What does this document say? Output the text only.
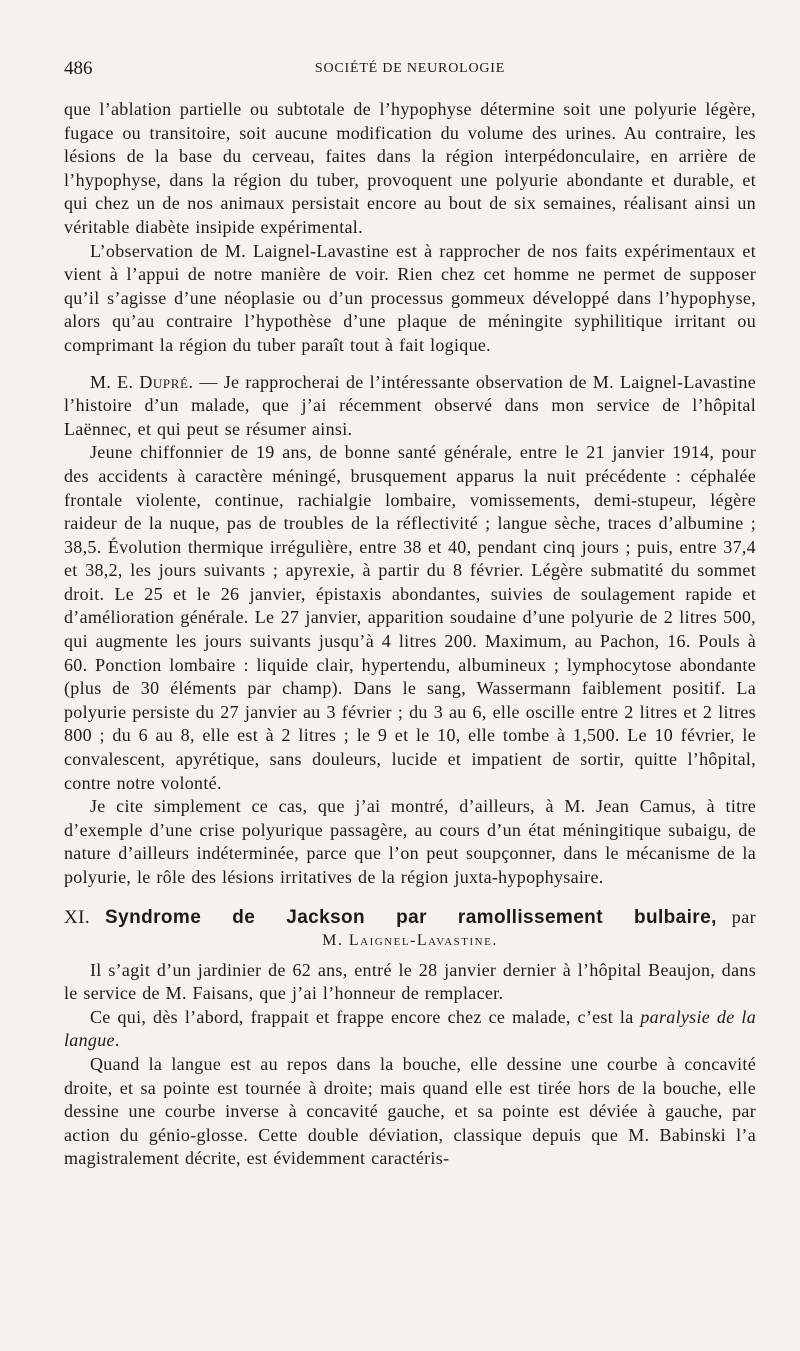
486	SOCIÉTÉ DE NEUROLOGIE

que l’ablation partielle ou subtotale de l’hypophyse détermine soit une polyurie légère, fugace ou transitoire, soit aucune modification du volume des urines. Au contraire, les lésions de la base du cerveau, faites dans la région interpédonculaire, en arrière de l’hypophyse, dans la région du tuber, provoquent une polyurie abondante et durable, et qui chez un de nos animaux persistait encore au bout de six semaines, réalisant ainsi un véritable diabète insipide expérimental.

L’observation de M. Laignel-Lavastine est à rapprocher de nos faits expérimentaux et vient à l’appui de notre manière de voir. Rien chez cet homme ne permet de supposer qu’il s’agisse d’une néoplasie ou d’un processus gommeux développé dans l’hypophyse, alors qu’au contraire l’hypothèse d’une plaque de méningite syphilitique irritant ou comprimant la région du tuber paraît tout à fait logique.

M. E. Dupré. — Je rapprocherai de l’intéressante observation de M. Laignel-Lavastine l’histoire d’un malade, que j’ai récemment observé dans mon service de l’hôpital Laënnec, et qui peut se résumer ainsi.

Jeune chiffonnier de 19 ans, de bonne santé générale, entre le 21 janvier 1914, pour des accidents à caractère méningé, brusquement apparus la nuit précédente : céphalée frontale violente, continue, rachialgie lombaire, vomissements, demi-stupeur, légère raideur de la nuque, pas de troubles de la réflectivité ; langue sèche, traces d’albumine ; 38,5. Évolution thermique irrégulière, entre 38 et 40, pendant cinq jours ; puis, entre 37,4 et 38,2, les jours suivants ; apyrexie, à partir du 8 février. Légère submatité du sommet droit. Le 25 et le 26 janvier, épistaxis abondantes, suivies de soulagement rapide et d’amélioration générale. Le 27 janvier, apparition soudaine d’une polyurie de 2 litres 500, qui augmente les jours suivants jusqu’à 4 litres 200. Maximum, au Pachon, 16. Pouls à 60. Ponction lombaire : liquide clair, hypertendu, albumineux ; lymphocytose abondante (plus de 30 éléments par champ). Dans le sang, Wassermann faiblement positif. La polyurie persiste du 27 janvier au 3 février ; du 3 au 6, elle oscille entre 2 litres et 2 litres 800 ; du 6 au 8, elle est à 2 litres ; le 9 et le 10, elle tombe à 1,500. Le 10 février, le convalescent, apyrétique, sans douleurs, lucide et impatient de sortir, quitte l’hôpital, contre notre volonté.

Je cite simplement ce cas, que j’ai montré, d’ailleurs, à M. Jean Camus, à titre d’exemple d’une crise polyurique passagère, au cours d’un état méningitique subaigu, de nature d’ailleurs indéterminée, parce que l’on peut soupçonner, dans le mécanisme de la polyurie, le rôle des lésions irritatives de la région juxta-hypophysaire.

XI. Syndrome de Jackson par ramollissement bulbaire, par
M. Laignel-Lavastine.

Il s’agit d’un jardinier de 62 ans, entré le 28 janvier dernier à l’hôpital Beaujon, dans le service de M. Faisans, que j’ai l’honneur de remplacer.

Ce qui, dès l’abord, frappait et frappe encore chez ce malade, c’est la paralysie de la langue.

Quand la langue est au repos dans la bouche, elle dessine une courbe à concavité droite, et sa pointe est tournée à droite; mais quand elle est tirée hors de la bouche, elle dessine une courbe inverse à concavité gauche, et sa pointe est déviée à gauche, par action du génio-glosse. Cette double déviation, classique depuis que M. Babinski l’a magistralement décrite, est évidemment caractéris-
